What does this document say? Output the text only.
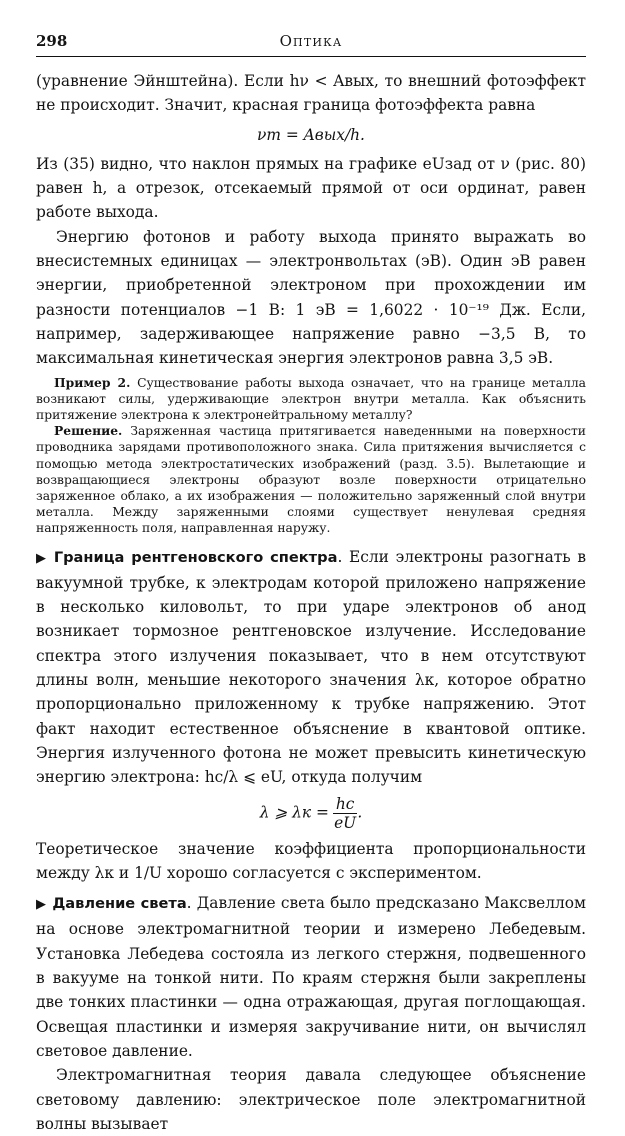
298	Оптика

(уравнение Эйнштейна). Если hν < Aвых, то внешний фотоэффект не происходит. Значит, красная граница фотоэффекта равна

νm = Aвых/h.

Из (35) видно, что наклон прямых на графике eUзад от ν (рис. 80) равен h, а отрезок, отсекаемый прямой от оси ординат, равен работе выхода.

Энергию фотонов и работу выхода принято выражать во внесистемных единицах — электронвольтах (эВ). Один эВ равен энергии, приобретенной электроном при прохождении им разности потенциалов −1 В: 1 эВ = 1,6022 · 10⁻¹⁹ Дж. Если, например, задерживающее напряжение равно −3,5 В, то максимальная кинетическая энергия электронов равна 3,5 эВ.

Пример 2. Существование работы выхода означает, что на границе металла возникают силы, удерживающие электрон внутри металла. Как объяснить притяжение электрона к электронейтральному металлу?

Решение. Заряженная частица притягивается наведенными на поверхности проводника зарядами противоположного знака. Сила притяжения вычисляется с помощью метода электростатических изображений (разд. 3.5). Вылетающие и возвращающиеся электроны образуют возле поверхности отрицательно заряженное облако, а их изображения — положительно заряженный слой внутри металла. Между заряженными слоями существует ненулевая средняя напряженность поля, направленная наружу.

▶ Граница рентгеновского спектра. Если электроны разогнать в вакуумной трубке, к электродам которой приложено напряжение в несколько киловольт, то при ударе электронов об анод возникает тормозное рентгеновское излучение. Исследование спектра этого излучения показывает, что в нем отсутствуют длины волн, меньшие некоторого значения λк, которое обратно пропорционально приложенному к трубке напряжению. Этот факт находит естественное объяснение в квантовой оптике. Энергия излученного фотона не может превысить кинетическую энергию электрона: hc/λ ⩽ eU, откуда получим

λ ⩾ $\lambda к = \frac{hc}{eU}$ .

Теоретическое значение коэффициента пропорциональности между λк и 1/U хорошо согласуется с экспериментом.

▶ Давление света. Давление света было предсказано Максвеллом на основе электромагнитной теории и измерено Лебедевым. Установка Лебедева состояла из легкого стержня, подвешенного в вакууме на тонкой нити. По краям стержня были закреплены две тонких пластинки — одна отражающая, другая поглощающая. Освещая пластинки и измеряя закручивание нити, он вычислял световое давление.

Электромагнитная теория давала следующее объяснение световому давлению: электрическое поле электромагнитной волны вызывает
